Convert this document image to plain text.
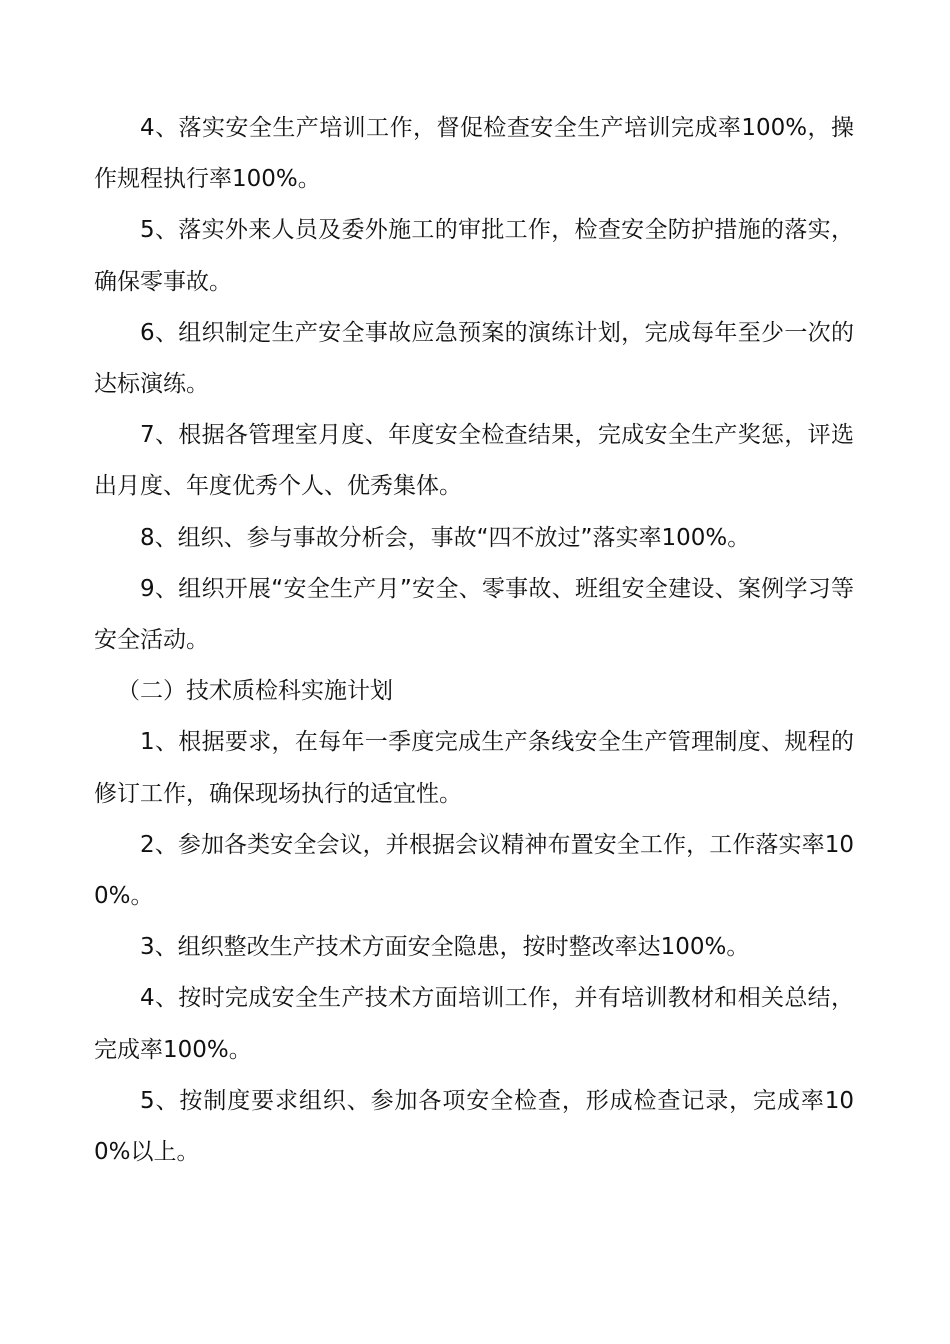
4、落实安全生产培训工作，督促检查安全生产培训完成率100%，操作规程执行率100%。

5、落实外来人员及委外施工的审批工作，检查安全防护措施的落实，确保零事故。

6、组织制定生产安全事故应急预案的演练计划，完成每年至少一次的达标演练。

7、根据各管理室月度、年度安全检查结果，完成安全生产奖惩，评选出月度、年度优秀个人、优秀集体。

8、组织、参与事故分析会，事故“四不放过”落实率100%。

9、组织开展“安全生产月”安全、零事故、班组安全建设、案例学习等安全活动。

（二）技术质检科实施计划

1、根据要求，在每年一季度完成生产条线安全生产管理制度、规程的修订工作，确保现场执行的适宜性。

2、参加各类安全会议，并根据会议精神布置安全工作，工作落实率100%。

3、组织整改生产技术方面安全隐患，按时整改率达100%。

4、按时完成安全生产技术方面培训工作，并有培训教材和相关总结，完成率100%。

5、按制度要求组织、参加各项安全检查，形成检查记录，完成率100%以上。
